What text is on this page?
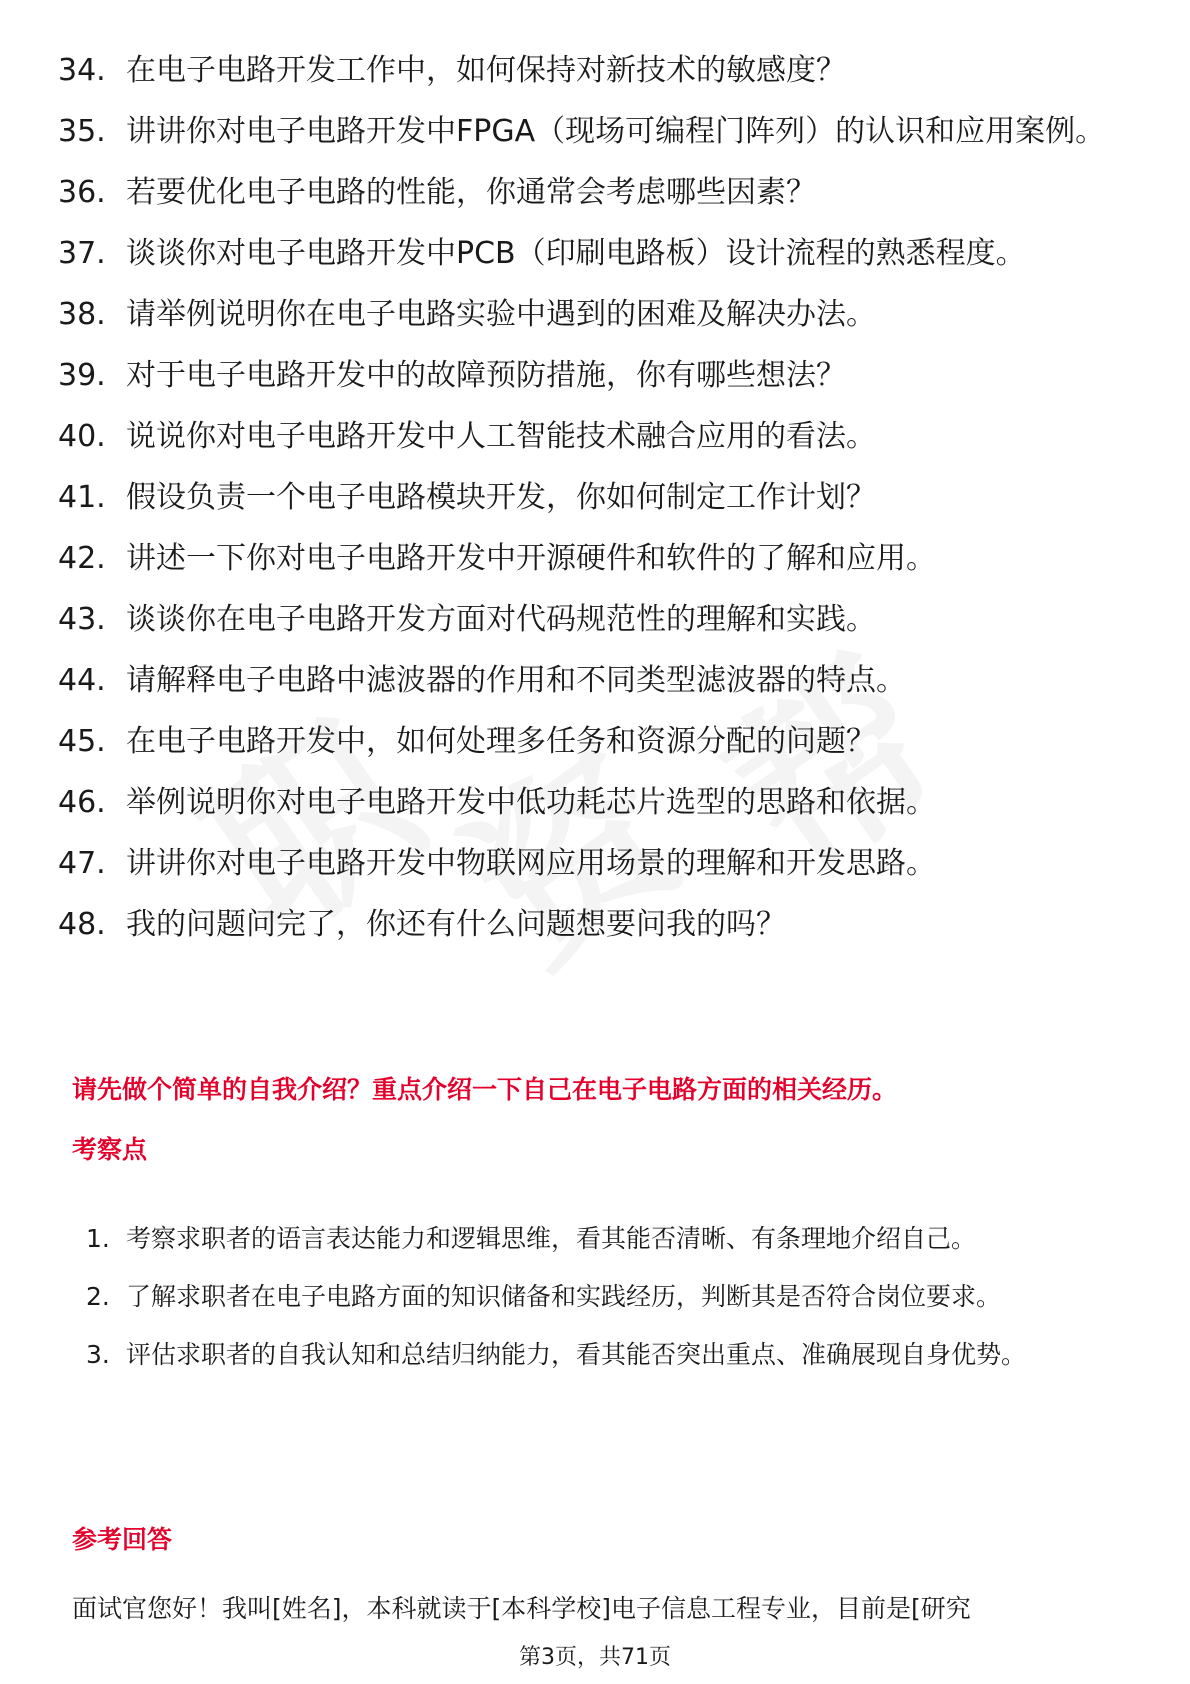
34. 在电子电路开发工作中，如何保持对新技术的敏感度？
35. 讲讲你对电子电路开发中FPGA（现场可编程门阵列）的认识和应用案例。
36. 若要优化电子电路的性能，你通常会考虑哪些因素？
37. 谈谈你对电子电路开发中PCB（印刷电路板）设计流程的熟悉程度。
38. 请举例说明你在电子电路实验中遇到的困难及解决办法。
39. 对于电子电路开发中的故障预防措施，你有哪些想法？
40. 说说你对电子电路开发中人工智能技术融合应用的看法。
41. 假设负责一个电子电路模块开发，你如何制定工作计划？
42. 讲述一下你对电子电路开发中开源硬件和软件的了解和应用。
43. 谈谈你在电子电路开发方面对代码规范性的理解和实践。
44. 请解释电子电路中滤波器的作用和不同类型滤波器的特点。
45. 在电子电路开发中，如何处理多任务和资源分配的问题？
46. 举例说明你对电子电路开发中低功耗芯片选型的思路和依据。
47. 讲讲你对电子电路开发中物联网应用场景的理解和开发思路。
48. 我的问题问完了，你还有什么问题想要问我的吗？
请先做个简单的自我介绍？重点介绍一下自己在电子电路方面的相关经历。
考察点
1. 考察求职者的语言表达能力和逻辑思维，看其能否清晰、有条理地介绍自己。
2. 了解求职者在电子电路方面的知识储备和实践经历，判断其是否符合岗位要求。
3. 评估求职者的自我认知和总结归纳能力，看其能否突出重点、准确展现自身优势。
参考回答
面试官您好！我叫[姓名]，本科就读于[本科学校]电子信息工程专业，目前是[研究
第3页，共71页
